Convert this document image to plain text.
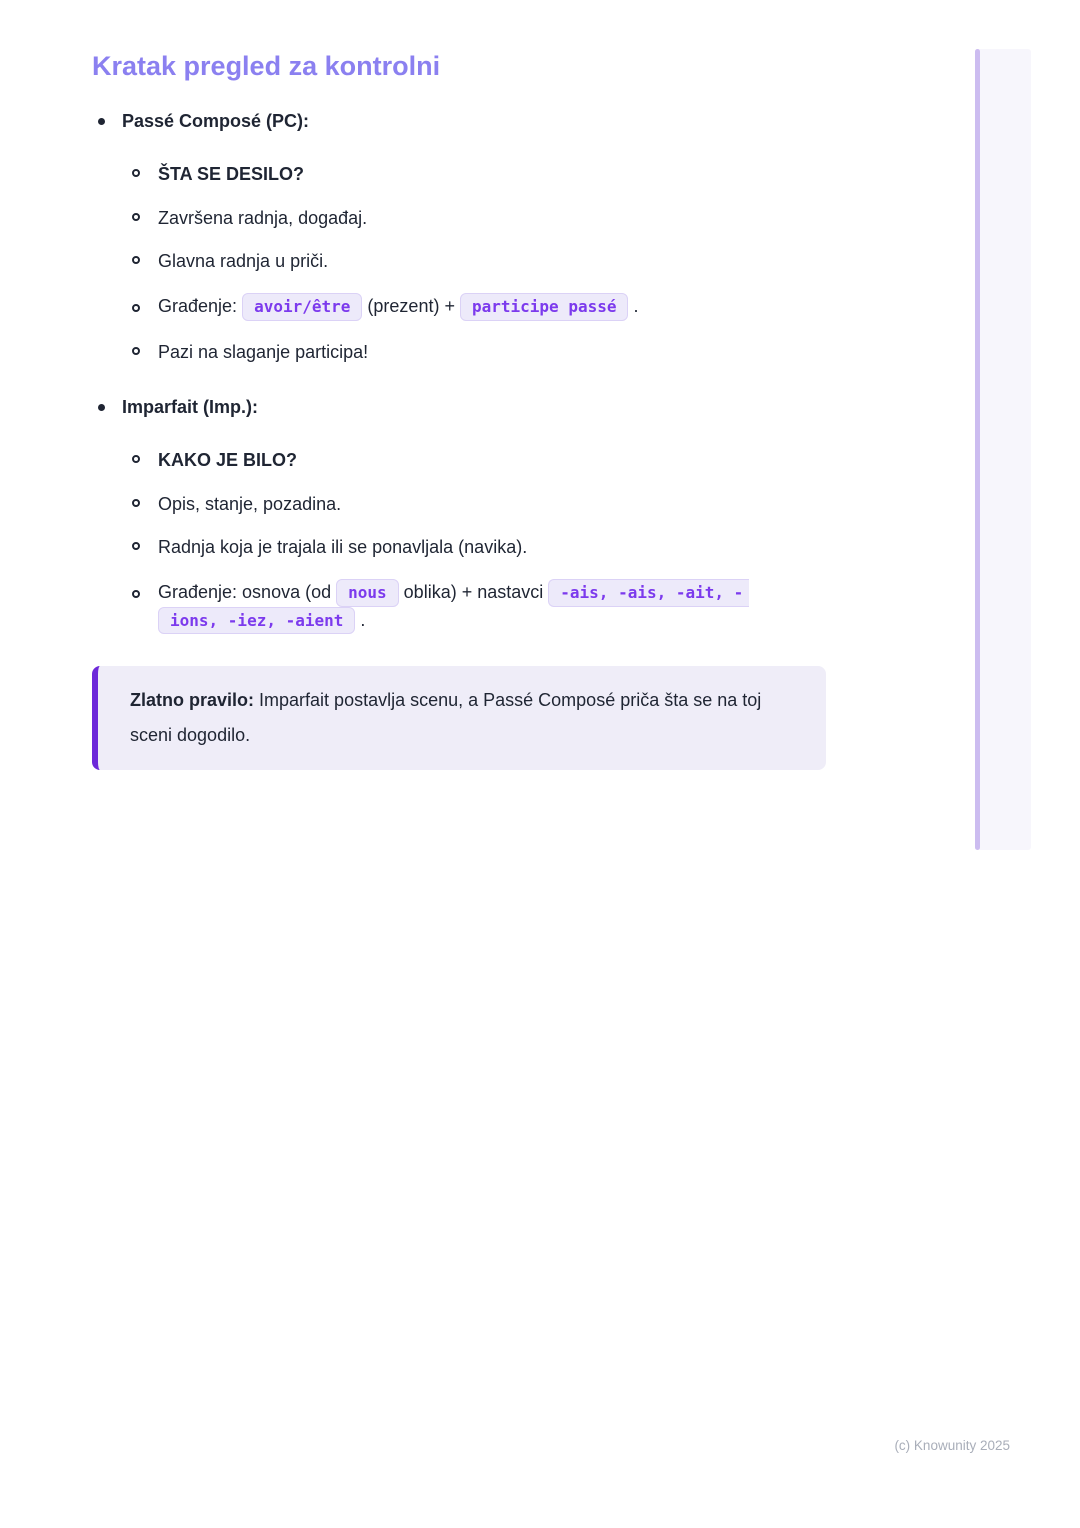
Kratak pregled za kontrolni
Passé Composé (PC):
ŠTA SE DESILO?
Završena radnja, događaj.
Glavna radnja u priči.
Građenje: avoir/être (prezent) + participe passé .
Pazi na slaganje participa!
Imparfait (Imp.):
KAKO JE BILO?
Opis, stanje, pozadina.
Radnja koja je trajala ili se ponavljala (navika).
Građenje: osnova (od nous oblika) + nastavci -ais, -ais, -ait, -ions, -iez, -aient .

Zlatno pravilo: Imparfait postavlja scenu, a Passé Composé priča šta se na toj sceni dogodilo.

(c) Knowunity 2025
